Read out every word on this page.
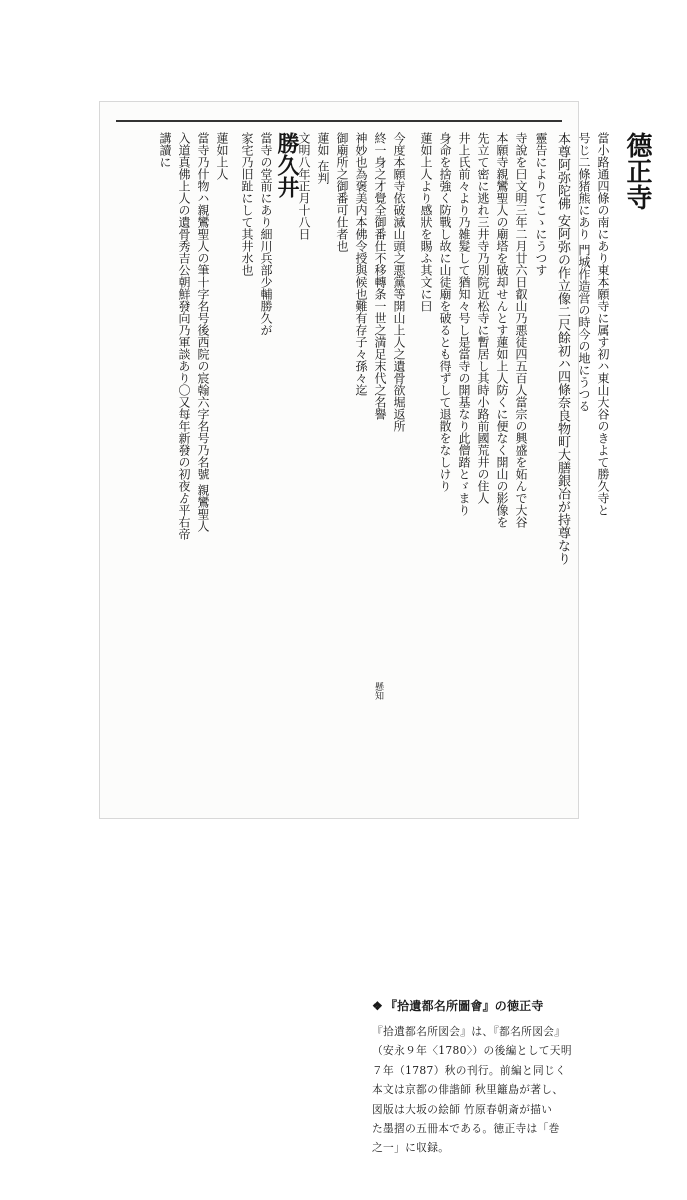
德正寺
當小路通四條の南にあり東本願寺に属す初ハ東山大谷のきよて勝久寺と
号じ二條猪熊にあり 門城作造営の時今の地にうつる
本尊阿弥陀佛 安阿弥の作立像二尺餘初ハ四條奈良物町大膳銀冶が持尊なり
靈告によりてこゝにうつす
寺說を曰文明三年二月廿六日叡山乃悪徒四五百人當宗の興盛を妬んで大谷
本願寺親鸞聖人の廟塔を破却せんとす蓮如上人防くに便なく開山の影像を
先立て密に逃れ三井寺乃別院近松寺に暫居し其時小路前國荒井の住人
井上氏前々より乃雑髮して猶知々号し是當寺の開基なり此僧踏とゞまり
身命を捨強く防戰し故に山徒廟を破るとも得ずして退散をなしけり
蓮如上人より感狀を賜ふ其文に曰
今度本願寺依破滅山頭之悪黨等開山上人之遺骨欲堀返所
懸知
終一身之才覺全御番仕不移轉条一世之満足末代之名譽
神妙也為褒美内本佛令授與候也難有存子々孫々迄
御廟所之御番可仕者也
蓮如 在判
文明八年正月十八日
勝久井
當寺の堂前にあり細川兵部少輔勝久が
家宅乃旧趾にして其井水也
蓮如上人
當寺乃什物ハ親鸞聖人の筆十字名号後西院の宸翰六字名号乃名號 親鸞聖人
入道真佛上人の遺骨秀吉公朝鮮發向乃軍談あり〇又每年新發の初夜ゟ平右帝
講讀に
❖ 『拾遺都名所圖會』の徳正寺
『拾遺都名所図会』は、『都名所図会』
（安永９年〈1780〉）の後編として天明
７年（1787）秋の刊行。前編と同じく
本文は京都の俳諧師 秋里籬島が著し、
図版は大坂の絵師 竹原春朝斎が描い
た墨摺の五冊本である。徳正寺は「巻
之一」に収録。
